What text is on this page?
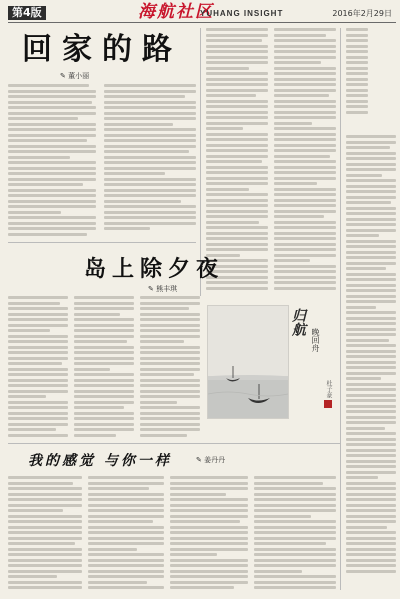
第4版	海航社区
YUHANG INSIGHT	2016年2月29日
回家的路
✎ 董小丽
岛上除夕夜
✎ 熊丰琪
归航
晚回舟
杜子豪
我的感觉 与你一样	✎ 姜丹丹
